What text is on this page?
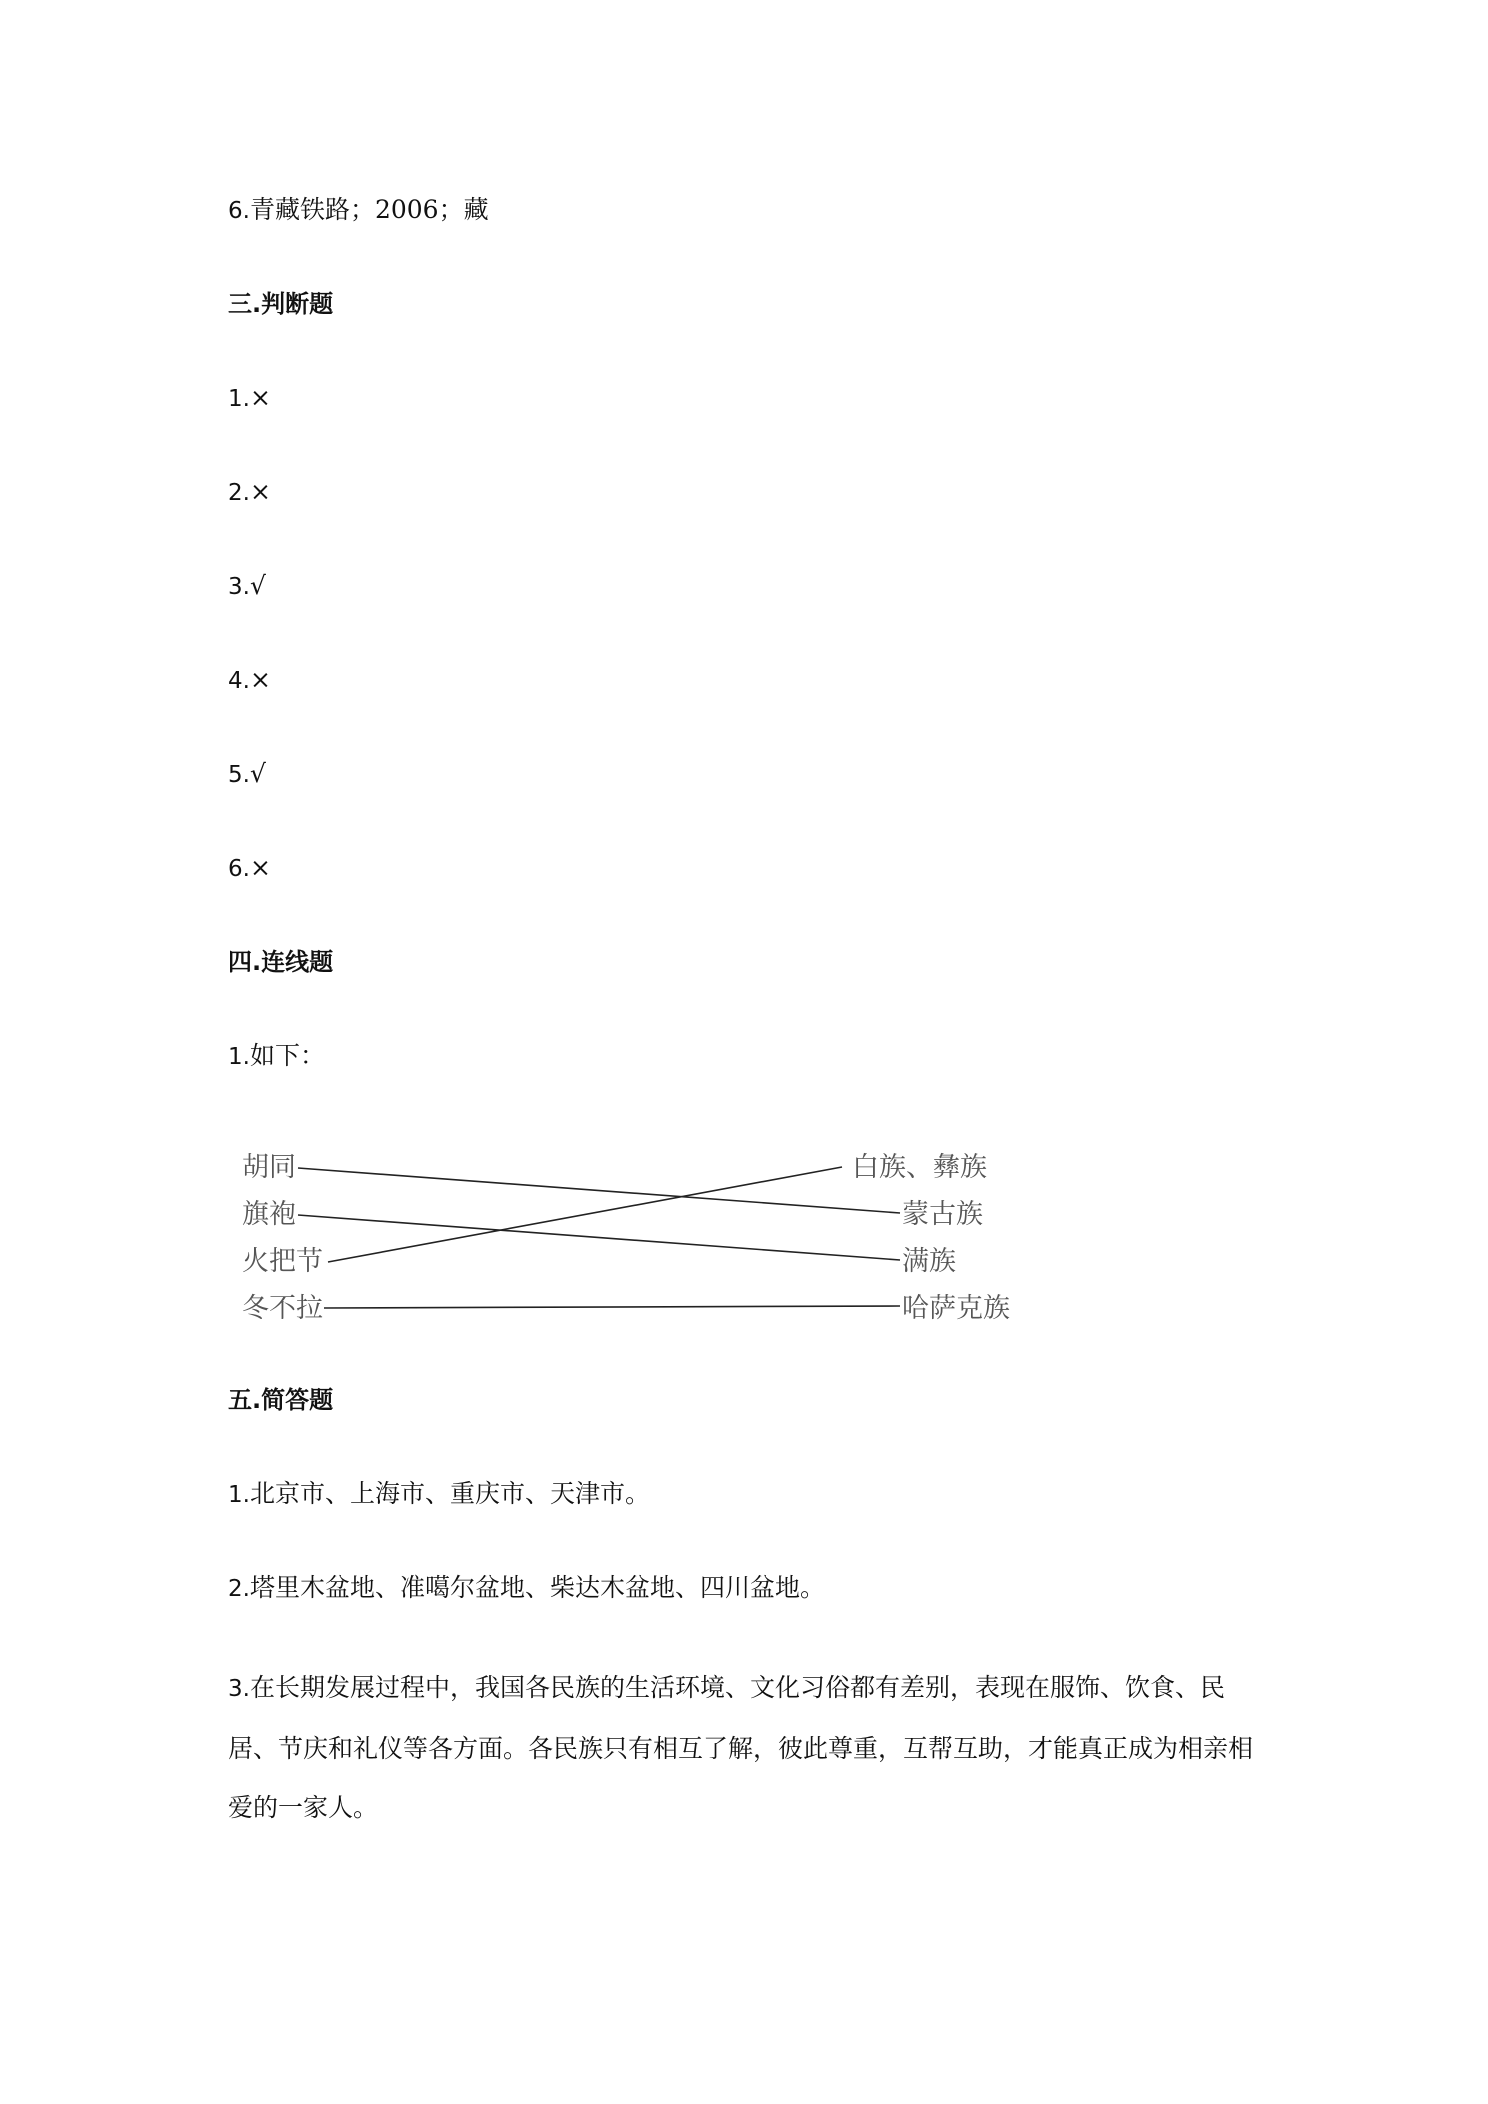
6.青藏铁路；2006；藏
三.判断题
1.×
2.×
3.√
4.×
5.√
6.×
四.连线题
1.如下：
胡同
旗袍
火把节
冬不拉
白族、彝族
蒙古族
满族
哈萨克族
五.简答题
1.北京市、上海市、重庆市、天津市。
2.塔里木盆地、准噶尔盆地、柴达木盆地、四川盆地。
3.在长期发展过程中，我国各民族的生活环境、文化习俗都有差别，表现在服饰、饮食、民居、节庆和礼仪等各方面。各民族只有相互了解，彼此尊重，互帮互助，才能真正成为相亲相爱的一家人。
